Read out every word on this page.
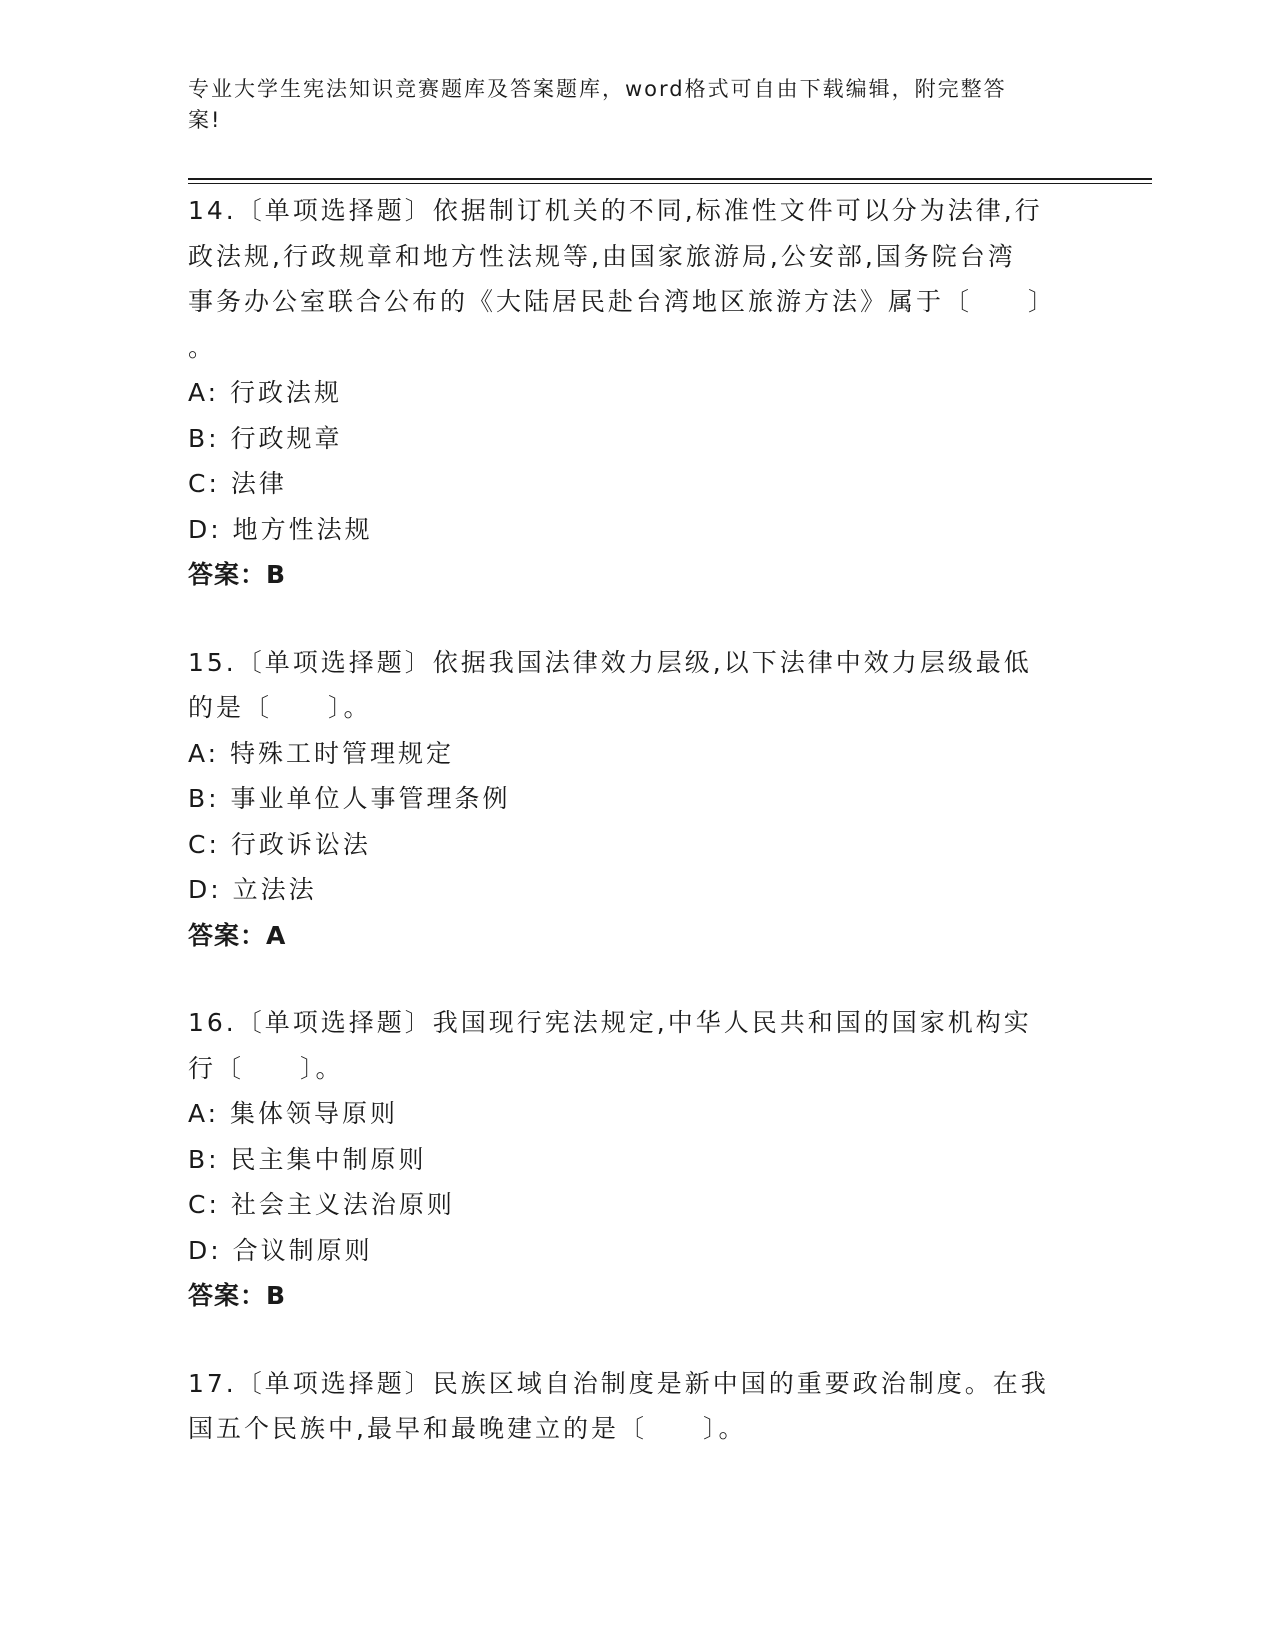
专业大学生宪法知识竞赛题库及答案题库，word格式可自由下载编辑，附完整答
案!
14.〔单项选择题〕依据制订机关的不同,标准性文件可以分为法律,行
政法规,行政规章和地方性法规等,由国家旅游局,公安部,国务院台湾
事务办公室联合公布的《大陆居民赴台湾地区旅游方法》属于〔　　〕
。
A: 行政法规
B: 行政规章
C: 法律
D: 地方性法规
答案：B
15.〔单项选择题〕依据我国法律效力层级,以下法律中效力层级最低
的是〔　　〕。
A: 特殊工时管理规定
B: 事业单位人事管理条例
C: 行政诉讼法
D: 立法法
答案：A
16.〔单项选择题〕我国现行宪法规定,中华人民共和国的国家机构实
行〔　　〕。
A: 集体领导原则
B: 民主集中制原则
C: 社会主义法治原则
D: 合议制原则
答案：B
17.〔单项选择题〕民族区域自治制度是新中国的重要政治制度。在我
国五个民族中,最早和最晚建立的是〔　　〕。
